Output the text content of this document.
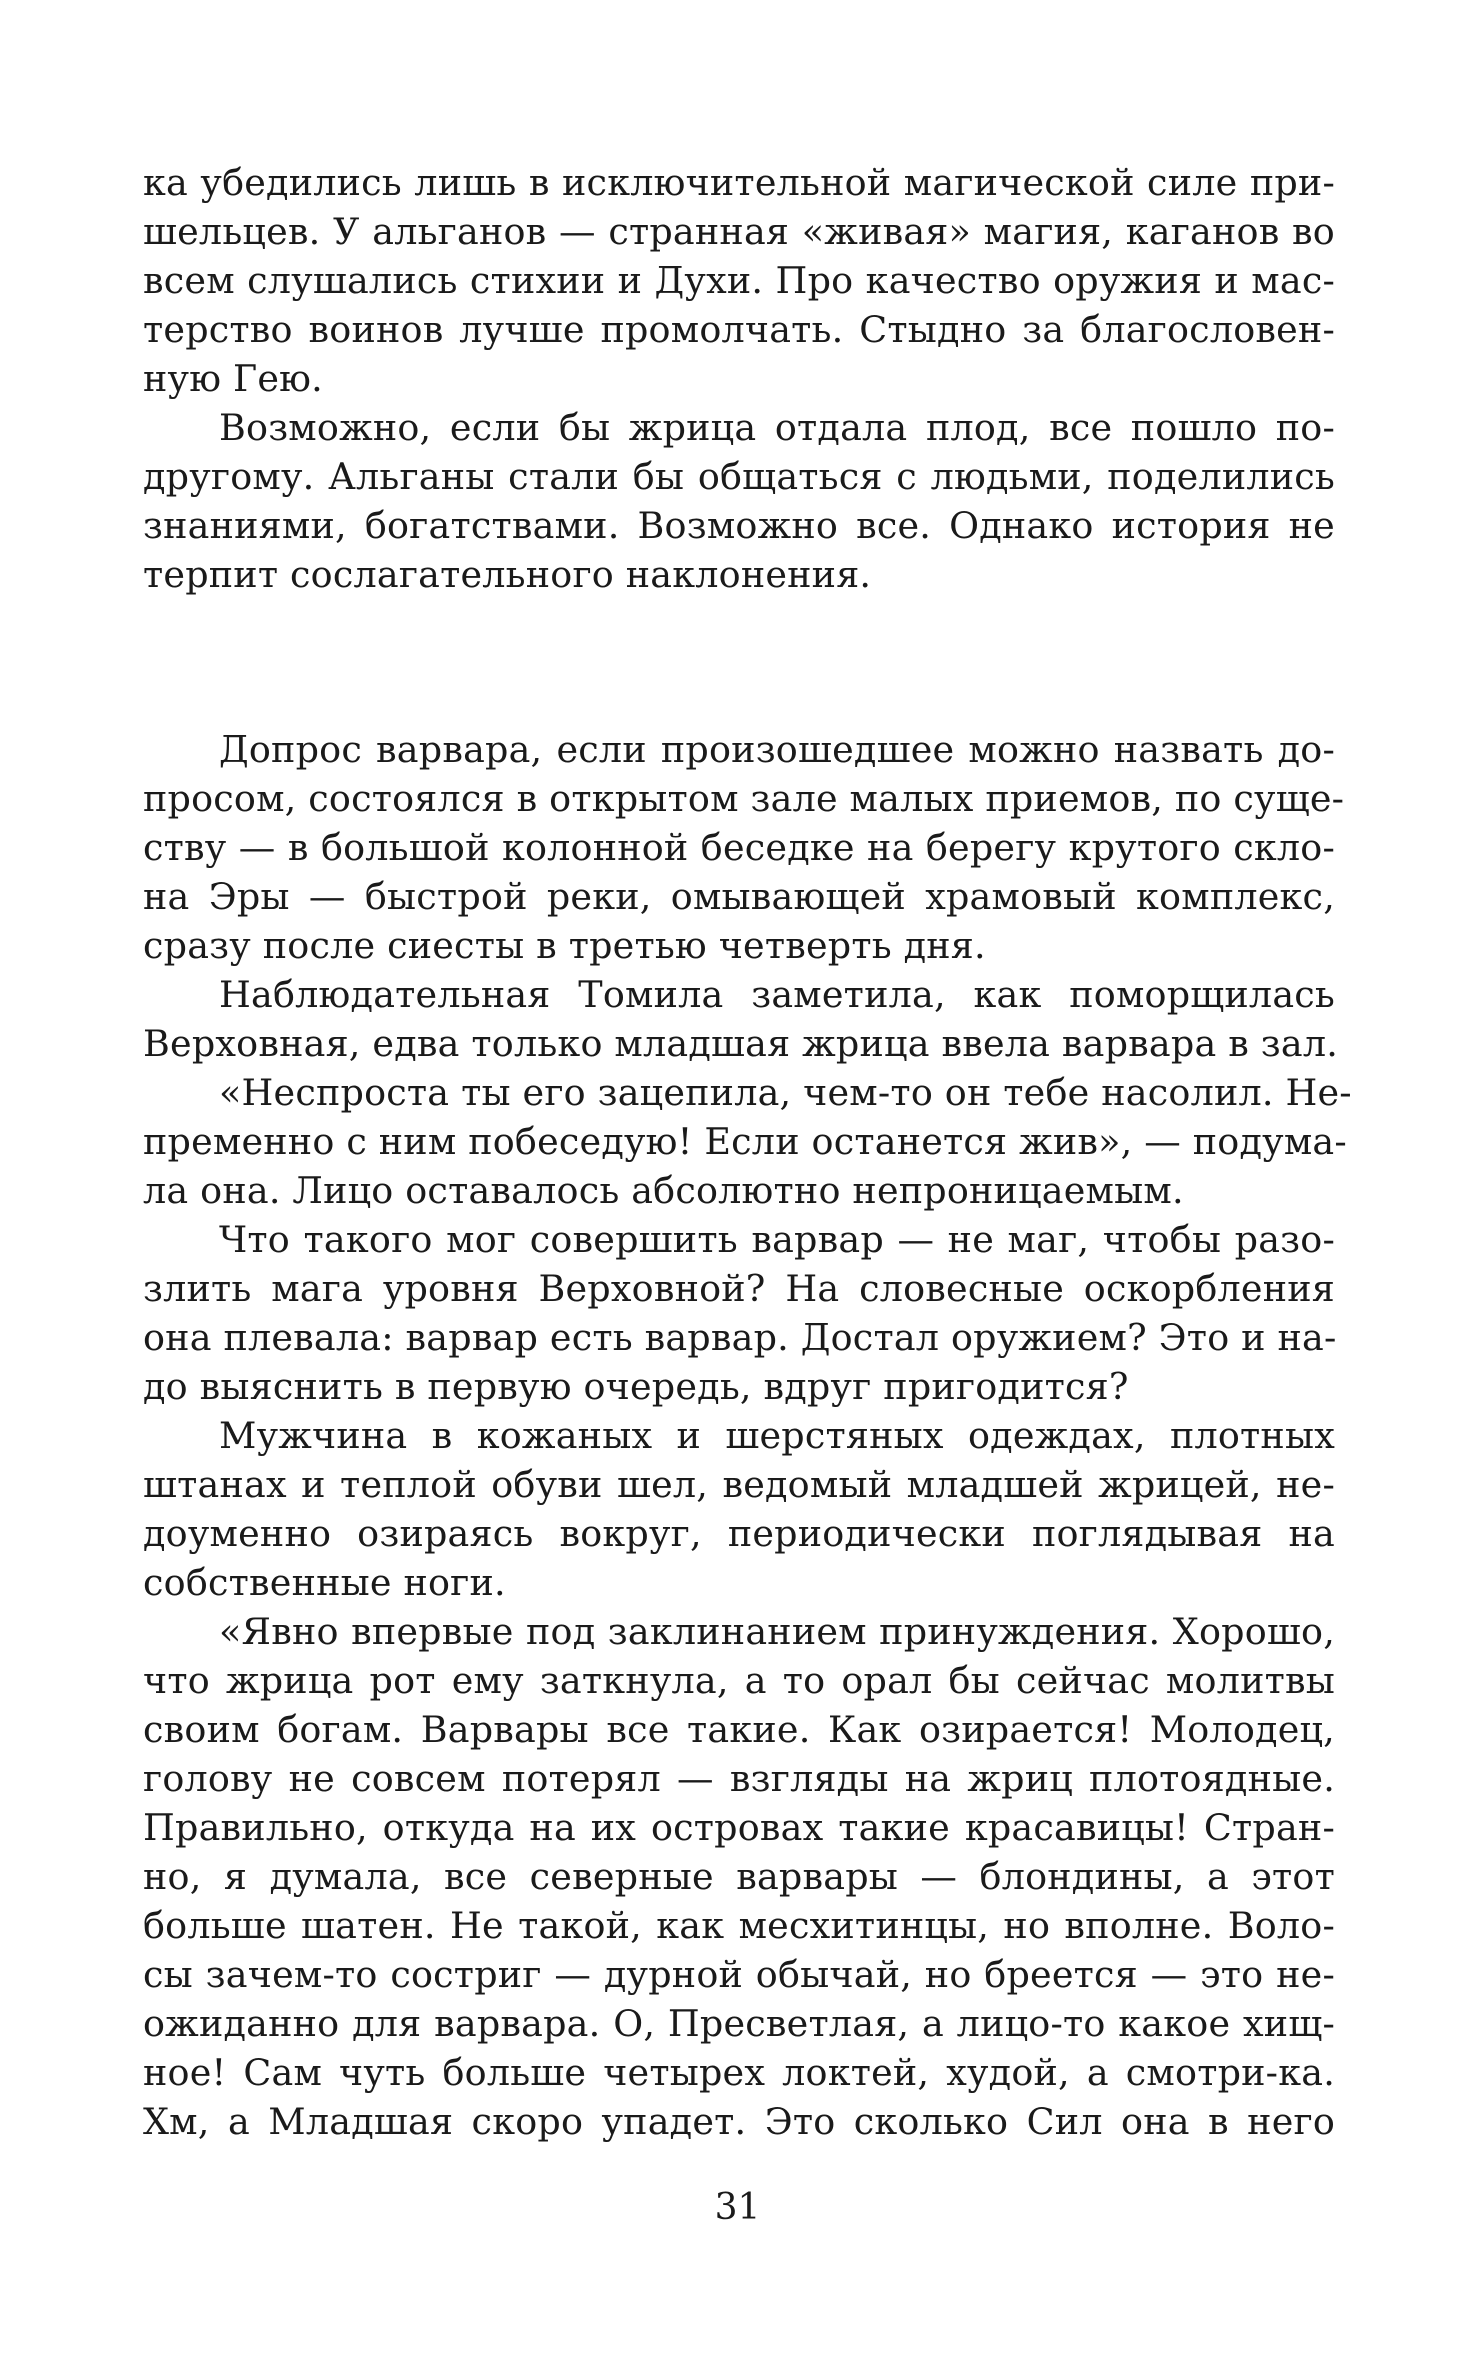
ка убедились лишь в исключительной магической силе при-
шельцев. У альганов — странная «живая» магия, каганов во
всем слушались стихии и Духи. Про качество оружия и мас-
терство воинов лучше промолчать. Стыдно за благословен-
ную Гею.
Возможно, если бы жрица отдала плод, все пошло по-
другому. Альганы стали бы общаться с людьми, поделились
знаниями, богатствами. Возможно все. Однако история не
терпит сослагательного наклонения.
Допрос варвара, если произошедшее можно назвать до-
просом, состоялся в открытом зале малых приемов, по суще-
ству — в большой колонной беседке на берегу крутого скло-
на Эры — быстрой реки, омывающей храмовый комплекс,
сразу после сиесты в третью четверть дня.
Наблюдательная Томила заметила, как поморщилась
Верховная, едва только младшая жрица ввела варвара в зал.
«Неспроста ты его зацепила, чем-то он тебе насолил. Не-
пременно с ним побеседую! Если останется жив», — подума-
ла она. Лицо оставалось абсолютно непроницаемым.
Что такого мог совершить варвар — не маг, чтобы разо-
злить мага уровня Верховной? На словесные оскорбления
она плевала: варвар есть варвар. Достал оружием? Это и на-
до выяснить в первую очередь, вдруг пригодится?
Мужчина в кожаных и шерстяных одеждах, плотных
штанах и теплой обуви шел, ведомый младшей жрицей, не-
доуменно озираясь вокруг, периодически поглядывая на
собственные ноги.
«Явно впервые под заклинанием принуждения. Хорошо,
что жрица рот ему заткнула, а то орал бы сейчас молитвы
своим богам. Варвары все такие. Как озирается! Молодец,
голову не совсем потерял — взгляды на жриц плотоядные.
Правильно, откуда на их островах такие красавицы! Стран-
но, я думала, все северные варвары — блондины, а этот
больше шатен. Не такой, как месхитинцы, но вполне. Воло-
сы зачем-то состриг — дурной обычай, но бреется — это не-
ожиданно для варвара. О, Пресветлая, а лицо-то какое хищ-
ное! Сам чуть больше четырех локтей, худой, а смотри-ка.
Хм, а Младшая скоро упадет. Это сколько Сил она в него
31
